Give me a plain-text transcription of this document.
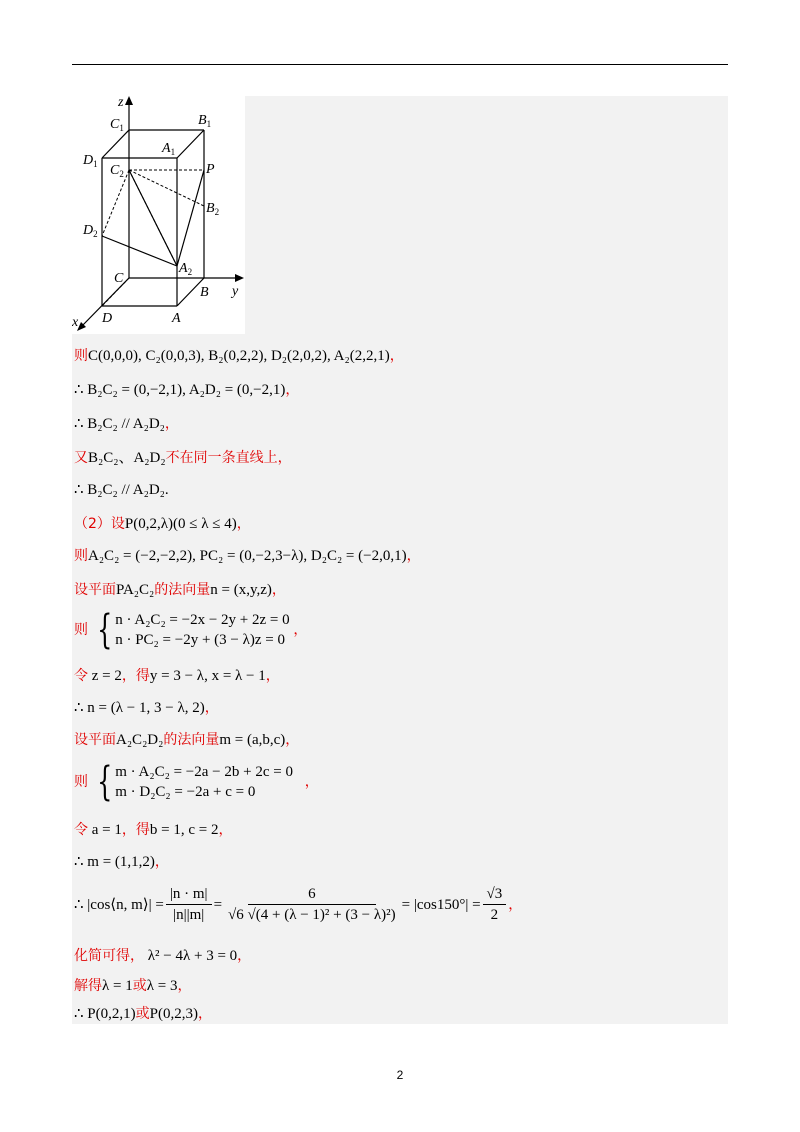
z
y
x
$C_1$	$B_1$
$D_1$
$A_1$
$C_2$	P
$B_2$
$D_2$
C
$A_2$
B
D	A
则C(0,0,0), C₂(0,0,3), B₂(0,2,2), D₂(2,0,2), A₂(2,2,1)，
∴ B₂C₂ = (0,−2,1), A₂D₂ = (0,−2,1)，
∴ B₂C₂ // A₂D₂，
又B₂C₂、A₂D₂不在同一条直线上，
∴ B₂C₂ // A₂D₂.
（2）设P(0,2,λ)(0 ≤ λ ≤ 4)，
则A₂C₂ = (−2,−2,2), PC₂ = (0,−2,3−λ), D₂C₂ = (−2,0,1)，
设平面PA₂C₂的法向量n = (x,y,z)，
则 { n · A₂C₂ = −2x − 2y + 2z = 0
n · PC₂ = −2y + (3 − λ)z = 0
，
令 z = 2，得y = 3 − λ, x = λ − 1，
∴ n = (λ − 1, 3 − λ, 2)，
设平面A₂C₂D₂的法向量m = (a,b,c)，
则 { m · A₂C₂ = −2a − 2b + 2c = 0
m · D₂C₂ = −2a + c = 0
，
令 a = 1，得b = 1, c = 2，
∴ m = (1,1,2)，
∴ |cos⟨n, m⟩| = $\frac{|n \cdot m|}{|n||m|} = \frac{6}{\text{√6 √(4 + (λ − 1)² + (3 − λ)²)}} = |\cos 150^\circ| = \frac{√3}{2}$ ，
化简可得， λ² − 4λ + 3 = 0，
解得λ = 1或λ = 3，
∴ P(0,2,1)或P(0,2,3)，
2
